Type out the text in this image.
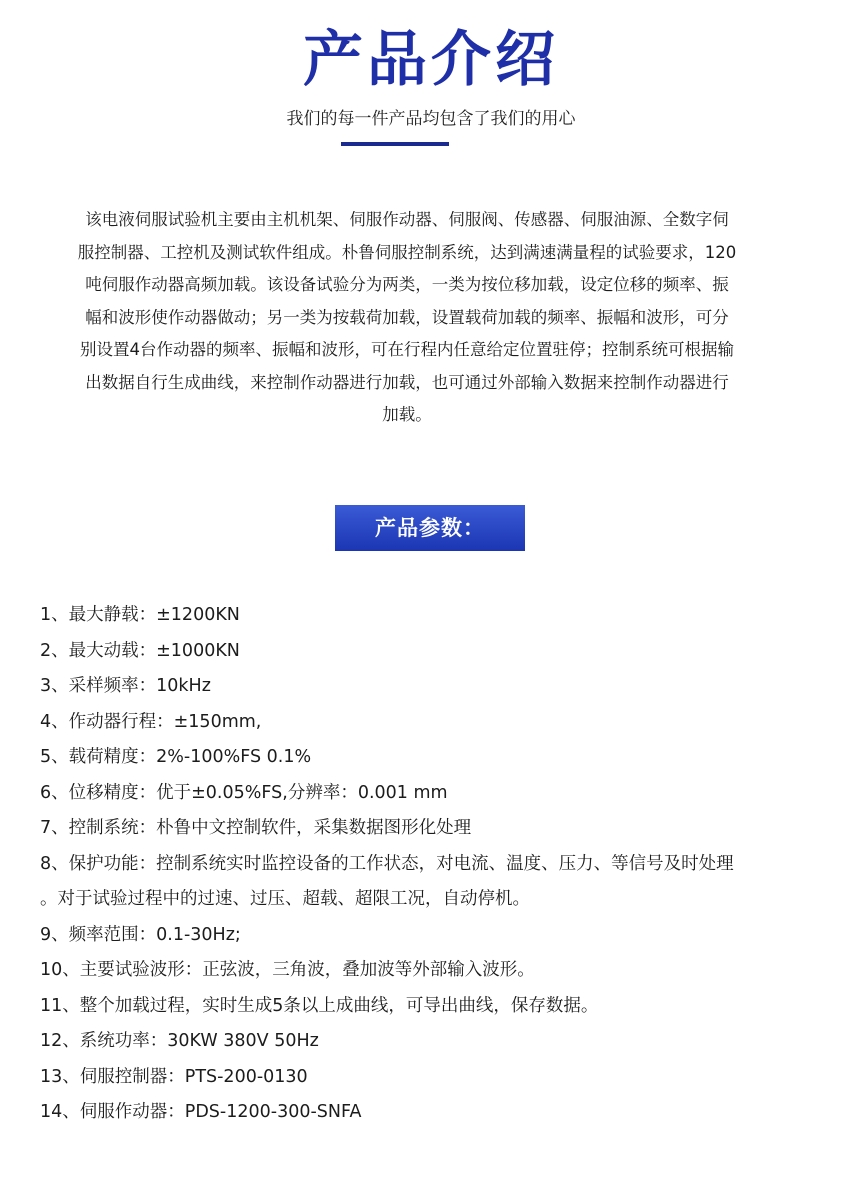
产品介绍
我们的每一件产品均包含了我们的用心

该电液伺服试验机主要由主机机架、伺服作动器、伺服阀、传感器、伺服油源、全数字伺
服控制器、工控机及测试软件组成。朴鲁伺服控制系统，达到满速满量程的试验要求，120
吨伺服作动器高频加载。该设备试验分为两类，一类为按位移加载，设定位移的频率、振
幅和波形使作动器做动；另一类为按载荷加载，设置载荷加载的频率、振幅和波形，可分
别设置4台作动器的频率、振幅和波形，可在行程内任意给定位置驻停；控制系统可根据输
出数据自行生成曲线，来控制作动器进行加载，也可通过外部输入数据来控制作动器进行
加载。

产品参数：
1、最大静载：±1200KN
2、最大动载：±1000KN
3、采样频率：10kHz
4、作动器行程：±150mm,
5、载荷精度：2%-100%FS 0.1%
6、位移精度：优于±0.05%FS,分辨率：0.001 mm
7、控制系统：朴鲁中文控制软件，采集数据图形化处理
8、保护功能：控制系统实时监控设备的工作状态，对电流、温度、压力、等信号及时处理
。对于试验过程中的过速、过压、超载、超限工况，自动停机。
9、频率范围：0.1-30Hz;
10、主要试验波形：正弦波，三角波，叠加波等外部输入波形。
11、整个加载过程，实时生成5条以上成曲线，可导出曲线，保存数据。
12、系统功率：30KW 380V 50Hz
13、伺服控制器：PTS-200-0130
14、伺服作动器：PDS-1200-300-SNFA
